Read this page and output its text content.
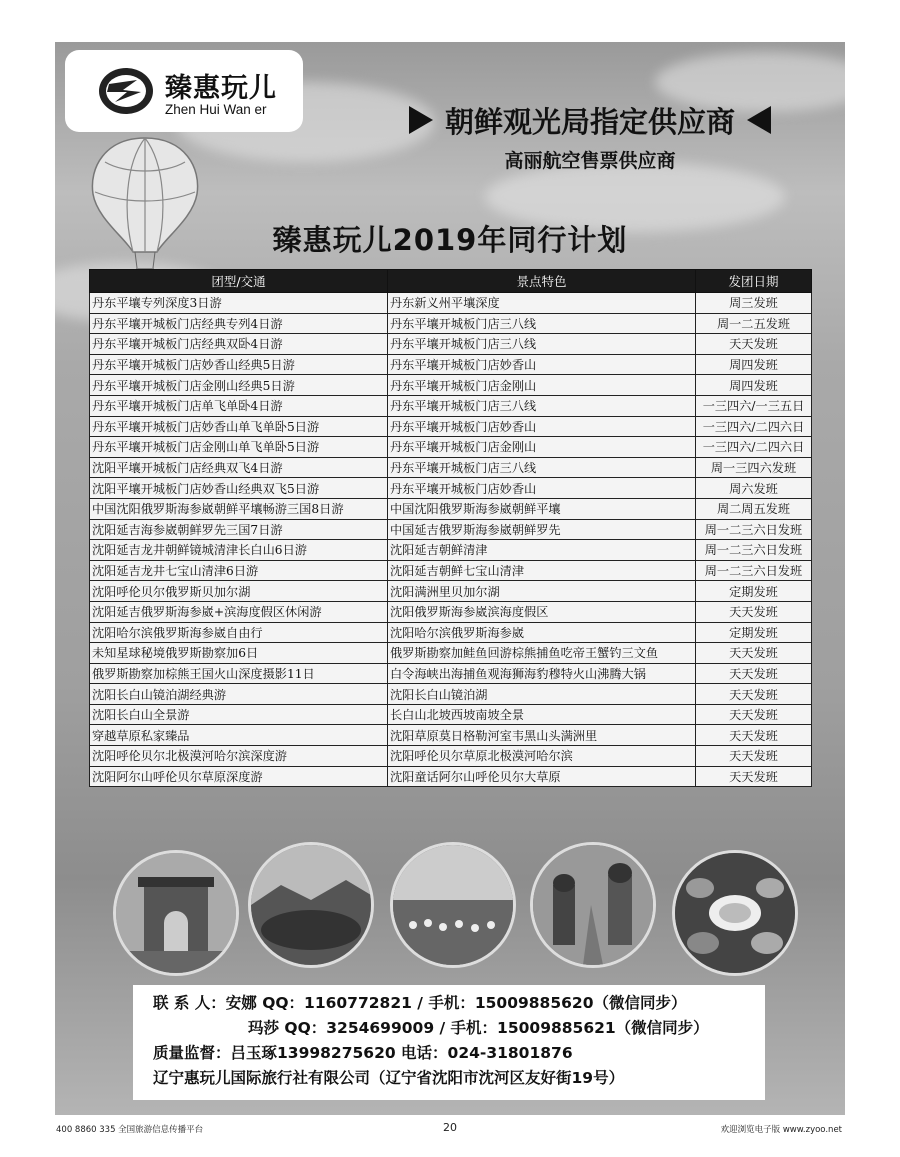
臻惠玩儿
Zhen Hui Wan er	朝鲜观光局指定供应商
高丽航空售票供应商
臻惠玩儿2019年同行计划
团型/交通	景点特色	发团日期
丹东平壤专列深度3日游	丹东新义州平壤深度	周三发班
丹东平壤开城板门店经典专列4日游	丹东平壤开城板门店三八线	周一二五发班
丹东平壤开城板门店经典双卧4日游	丹东平壤开城板门店三八线	天天发班
丹东平壤开城板门店妙香山经典5日游	丹东平壤开城板门店妙香山	周四发班
丹东平壤开城板门店金刚山经典5日游	丹东平壤开城板门店金刚山	周四发班
丹东平壤开城板门店单飞单卧4日游	丹东平壤开城板门店三八线	一三四六/一三五日
丹东平壤开城板门店妙香山单飞单卧5日游	丹东平壤开城板门店妙香山	一三四六/二四六日
丹东平壤开城板门店金刚山单飞单卧5日游	丹东平壤开城板门店金刚山	一三四六/二四六日
沈阳平壤开城板门店经典双飞4日游	丹东平壤开城板门店三八线	周一三四六发班
沈阳平壤开城板门店妙香山经典双飞5日游	丹东平壤开城板门店妙香山	周六发班
中国沈阳俄罗斯海参崴朝鲜平壤畅游三国8日游	中国沈阳俄罗斯海参崴朝鲜平壤	周二周五发班
沈阳延吉海参崴朝鲜罗先三国7日游	中国延吉俄罗斯海参崴朝鲜罗先	周一二三六日发班
沈阳延吉龙井朝鲜镜城清津长白山6日游	沈阳延吉朝鲜清津	周一二三六日发班
沈阳延吉龙井七宝山清津6日游	沈阳延吉朝鲜七宝山清津	周一二三六日发班
沈阳呼伦贝尔俄罗斯贝加尔湖	沈阳满洲里贝加尔湖	定期发班
沈阳延吉俄罗斯海参崴+滨海度假区休闲游	沈阳俄罗斯海参崴滨海度假区	天天发班
沈阳哈尔滨俄罗斯海参崴自由行	沈阳哈尔滨俄罗斯海参崴	定期发班
未知星球秘境俄罗斯勘察加6日	俄罗斯勘察加鲑鱼回游棕熊捕鱼吃帝王蟹钓三文鱼	天天发班
俄罗斯勘察加棕熊王国火山深度摄影11日	白令海峡出海捕鱼观海狮海豹穆特火山沸腾大锅	天天发班
沈阳长白山镜泊湖经典游	沈阳长白山镜泊湖	天天发班
沈阳长白山全景游	长白山北坡西坡南坡全景	天天发班
穿越草原私家臻品	沈阳草原莫日格勒河室韦黑山头满洲里	天天发班
沈阳呼伦贝尔北极漠河哈尔滨深度游	沈阳呼伦贝尔草原北极漠河哈尔滨	天天发班
沈阳阿尔山呼伦贝尔草原深度游	沈阳童话阿尔山呼伦贝尔大草原	天天发班
联 系 人：安娜 QQ：1160772821 / 手机：15009885620（微信同步）
玛莎 QQ：3254699009 / 手机：15009885621（微信同步）
质量监督：吕玉琢13998275620 电话：024-31801876
辽宁惠玩儿国际旅行社有限公司（辽宁省沈阳市沈河区友好街19号）
400 8860 335 全国旅游信息传播平台	20	欢迎浏览电子版 www.zyoo.net
